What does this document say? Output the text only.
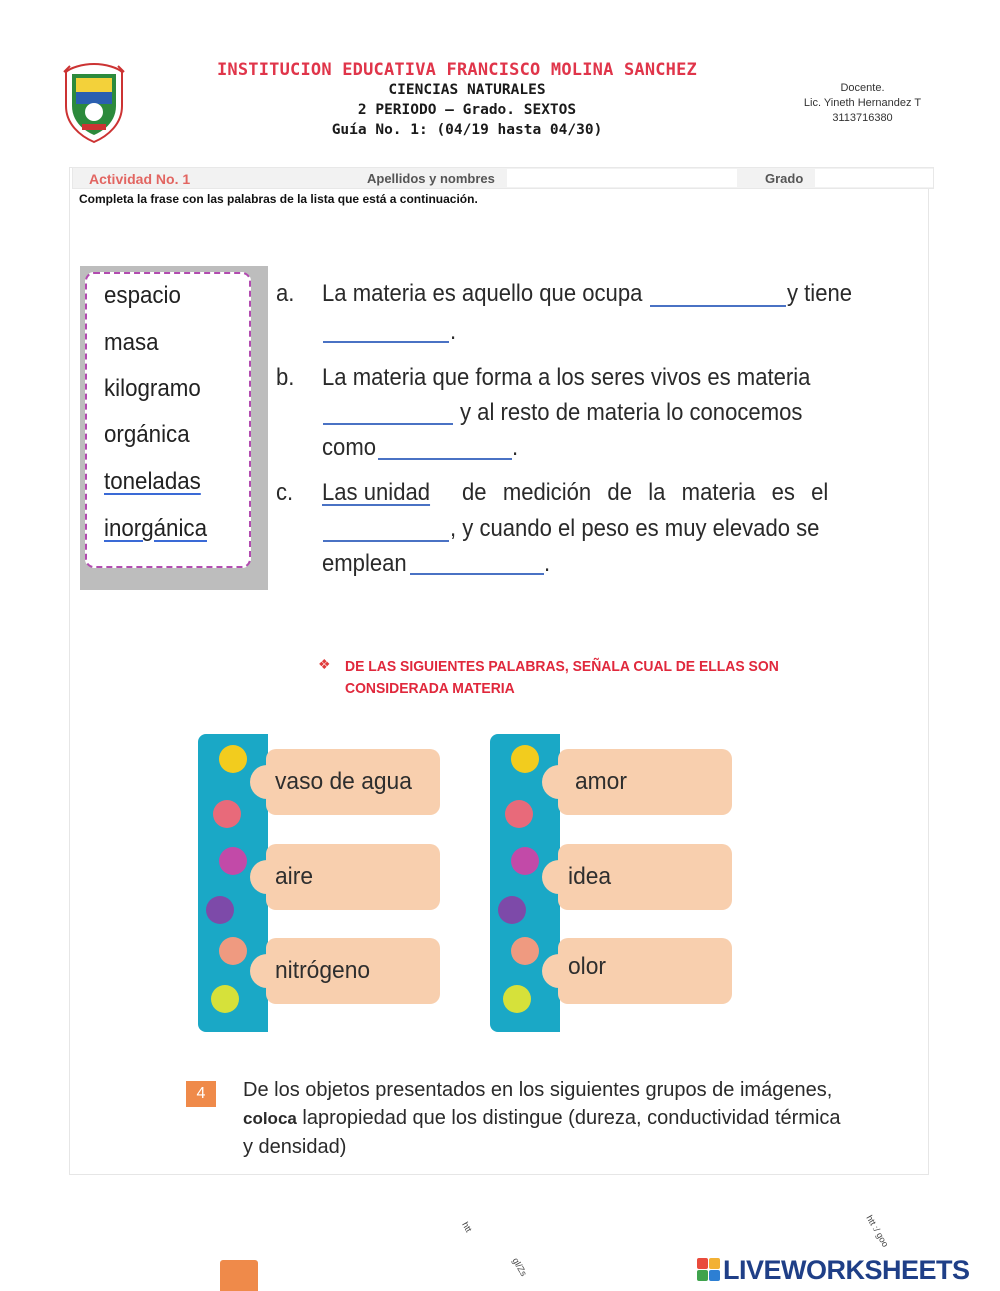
INSTITUCION EDUCATIVA FRANCISCO MOLINA SANCHEZ
CIENCIAS NATURALES
2 PERIODO – Grado. SEXTOS
Guía No. 1: (04/19 hasta 04/30)
Docente.
Lic. Yineth Hernandez T
3113716380
Actividad No. 1	Apellidos y nombres	Grado
Completa la frase con las palabras de la lista que está a continuación.
espacio
masa
kilogramo
orgánica
toneladas
inorgánica
a. La materia es aquello que ocupa	y tiene
.
b. La materia que forma a los seres vivos es materia
y al resto de materia lo conocemos
como	.
c. Las unidad de medición de la materia es el
, y cuando el peso es muy elevado se
emplean	.
❖ DE LAS SIGUIENTES PALABRAS, SEÑALA CUAL DE ELLAS SON
CONSIDERADA MATERIA
vaso de agua
aire
nitrógeno
amor
idea
olor
4	De los objetos presentados en los siguientes grupos de imágenes, coloca lapropiedad que los distingue (dureza, conductividad térmica y densidad)
htt
gl/Zs
htt :/ goo
LIVEWORKSHEETS
